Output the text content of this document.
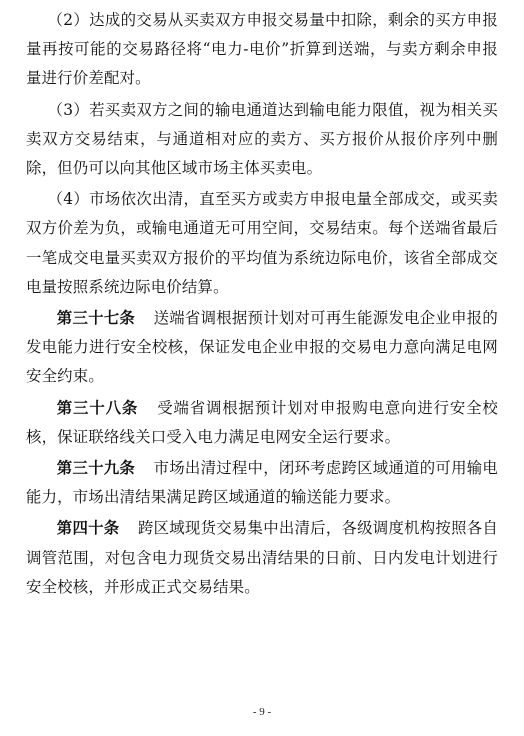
（2）达成的交易从买卖双方申报交易量中扣除，剩余的买方申报量再按可能的交易路径将“电力-电价”折算到送端，与卖方剩余申报量进行价差配对。

（3）若买卖双方之间的输电通道达到输电能力限值，视为相关买卖双方交易结束，与通道相对应的卖方、买方报价从报价序列中删除，但仍可以向其他区域市场主体买卖电。

（4）市场依次出清，直至买方或卖方申报电量全部成交，或买卖双方价差为负，或输电通道无可用空间，交易结束。每个送端省最后一笔成交电量买卖双方报价的平均值为系统边际电价，该省全部成交电量按照系统边际电价结算。

第三十七条 送端省调根据预计划对可再生能源发电企业申报的发电能力进行安全校核，保证发电企业申报的交易电力意向满足电网安全约束。

第三十八条 受端省调根据预计划对申报购电意向进行安全校核，保证联络线关口受入电力满足电网安全运行要求。

第三十九条 市场出清过程中，闭环考虑跨区域通道的可用输电能力，市场出清结果满足跨区域通道的输送能力要求。

第四十条 跨区域现货交易集中出清后，各级调度机构按照各自调管范围，对包含电力现货交易出清结果的日前、日内发电计划进行安全校核，并形成正式交易结果。

- 9 -
